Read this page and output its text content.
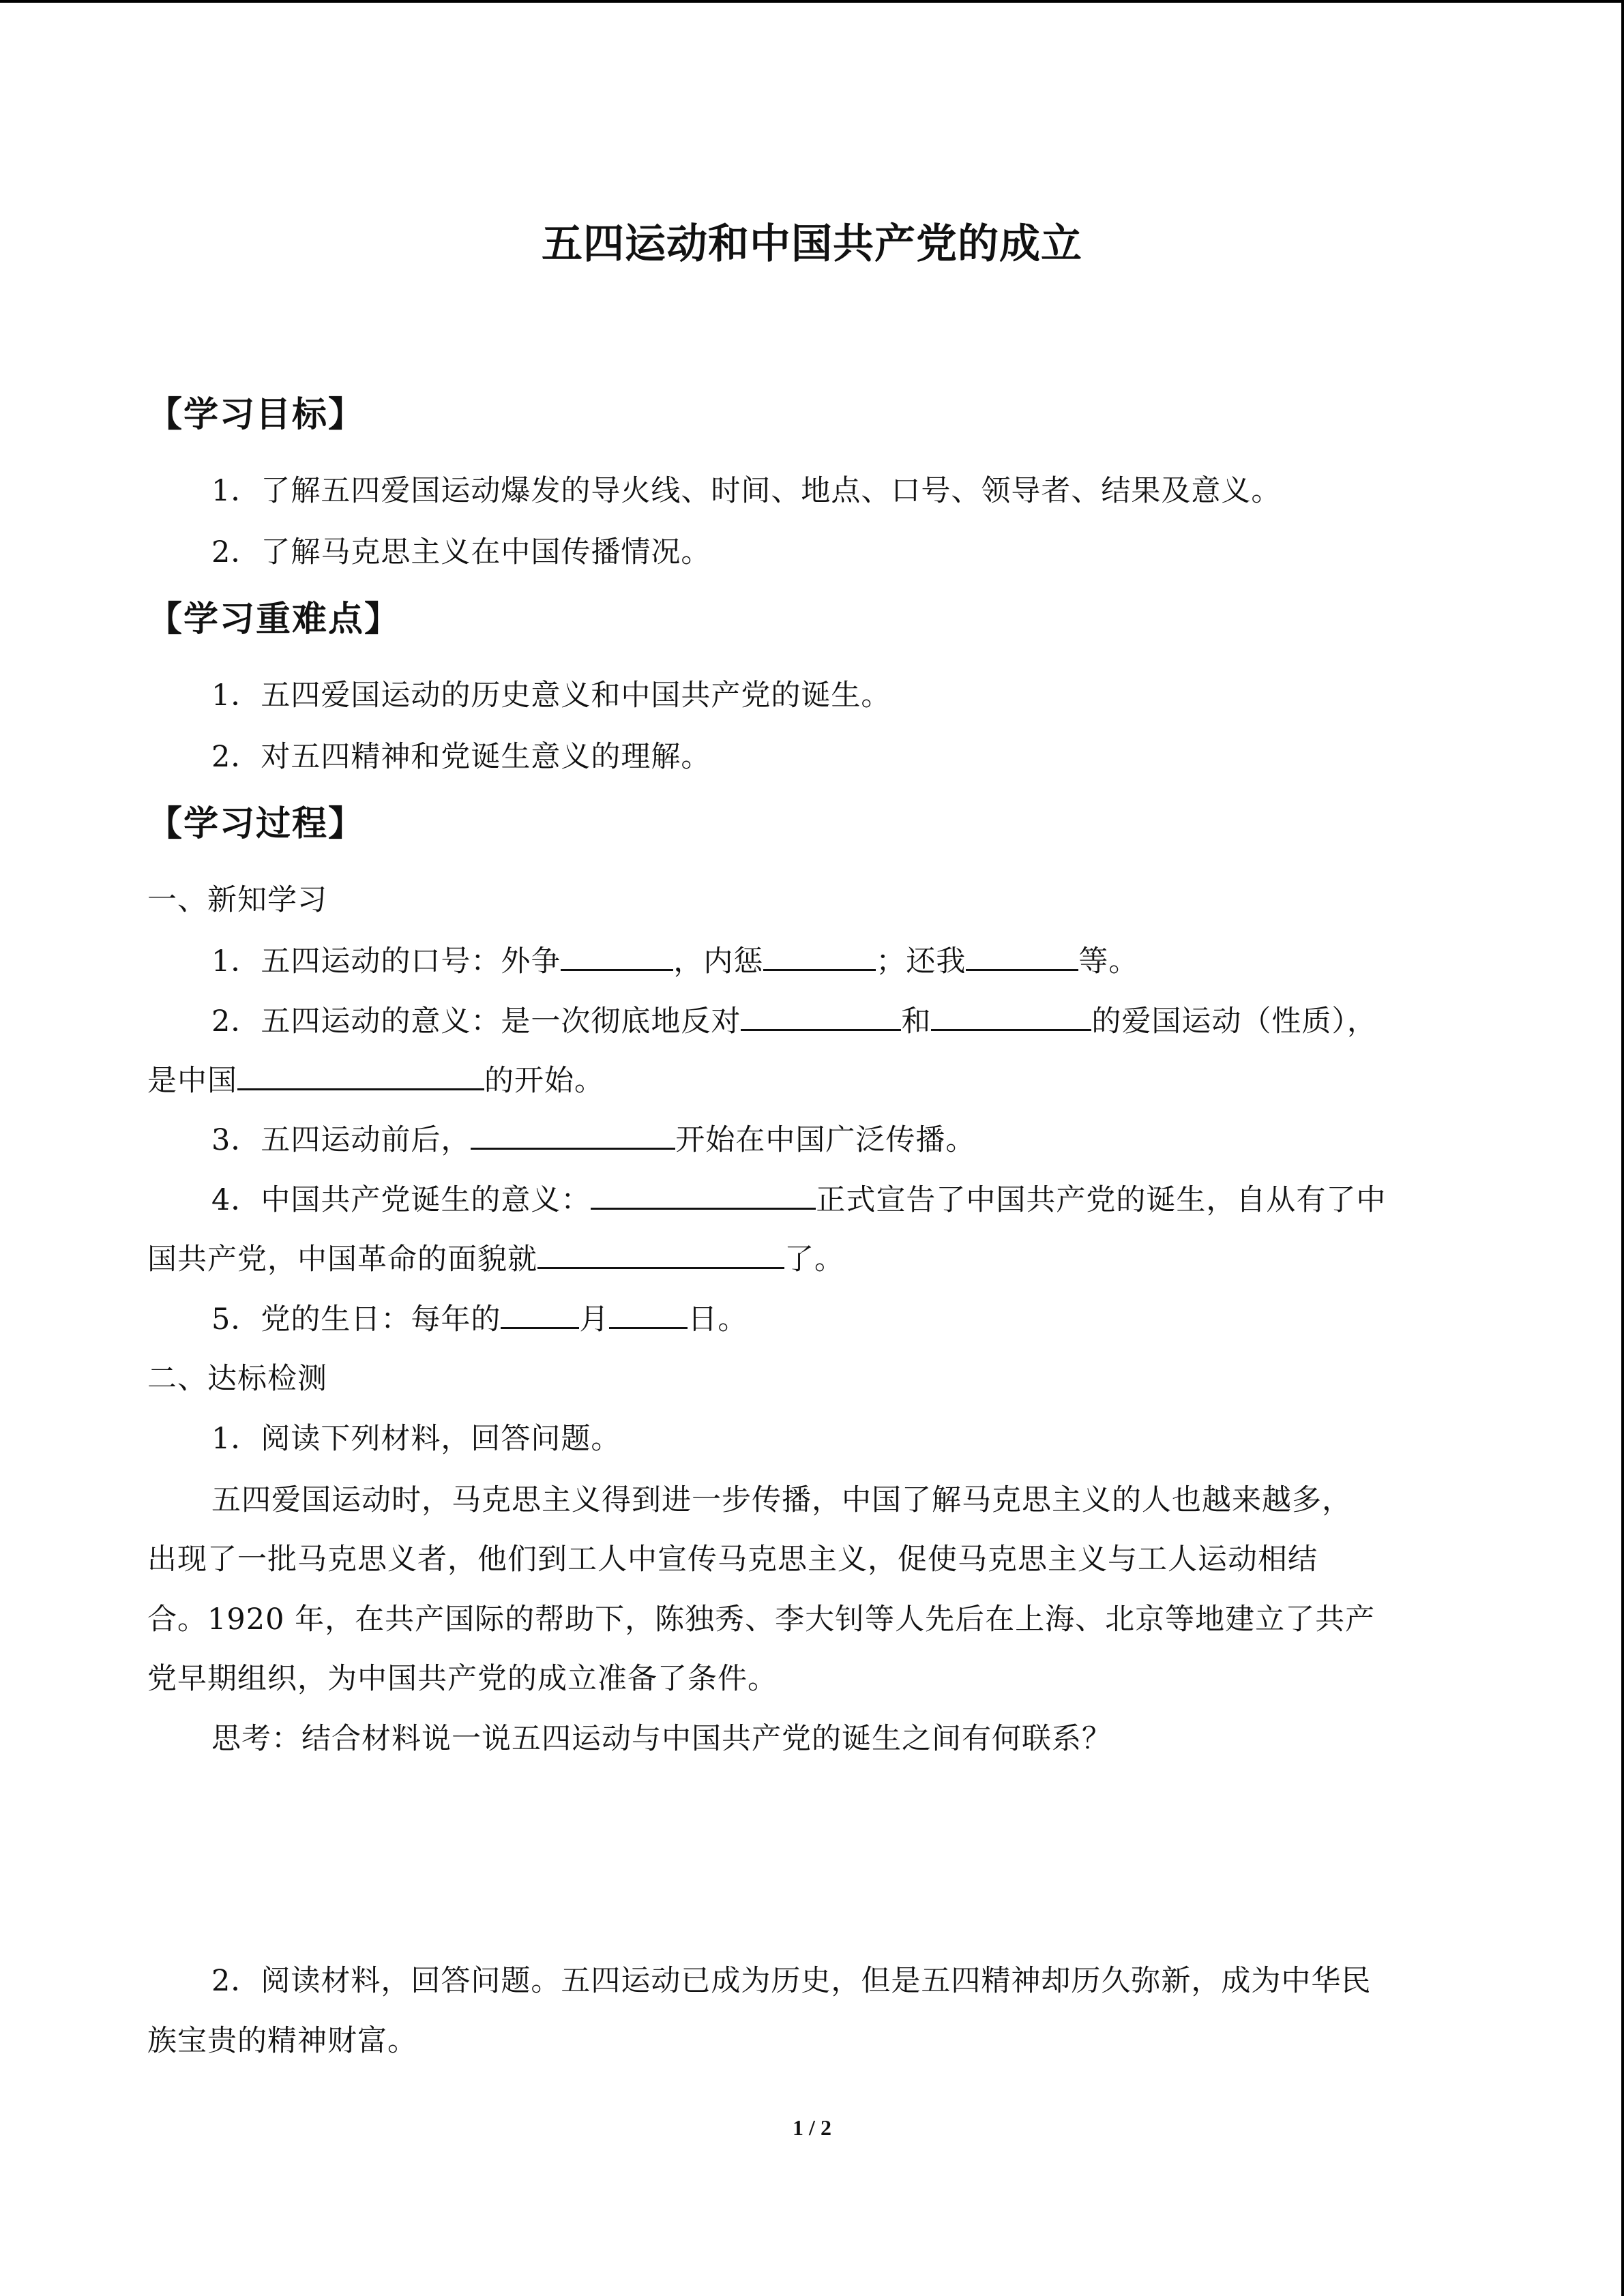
五四运动和中国共产党的成立
【学习目标】
1．了解五四爱国运动爆发的导火线、时间、地点、口号、领导者、结果及意义。
2．了解马克思主义在中国传播情况。
【学习重难点】
1．五四爱国运动的历史意义和中国共产党的诞生。
2．对五四精神和党诞生意义的理解。
【学习过程】
一、新知学习
1．五四运动的口号：外争	，内惩	；还我	等。
2．五四运动的意义：是一次彻底地反对	和	的爱国运动（性质），
是中国	的开始。
3．五四运动前后，	开始在中国广泛传播。
4．中国共产党诞生的意义：	正式宣告了中国共产党的诞生，自从有了中
国共产党，中国革命的面貌就	了。
5．党的生日：每年的	月	日。
二、达标检测
1．阅读下列材料，回答问题。
五四爱国运动时，马克思主义得到进一步传播，中国了解马克思主义的人也越来越多，
出现了一批马克思义者，他们到工人中宣传马克思主义，促使马克思主义与工人运动相结
合。1920 年，在共产国际的帮助下，陈独秀、李大钊等人先后在上海、北京等地建立了共产
党早期组织，为中国共产党的成立准备了条件。
思考：结合材料说一说五四运动与中国共产党的诞生之间有何联系？
2．阅读材料，回答问题。五四运动已成为历史，但是五四精神却历久弥新，成为中华民
族宝贵的精神财富。
1 / 2
